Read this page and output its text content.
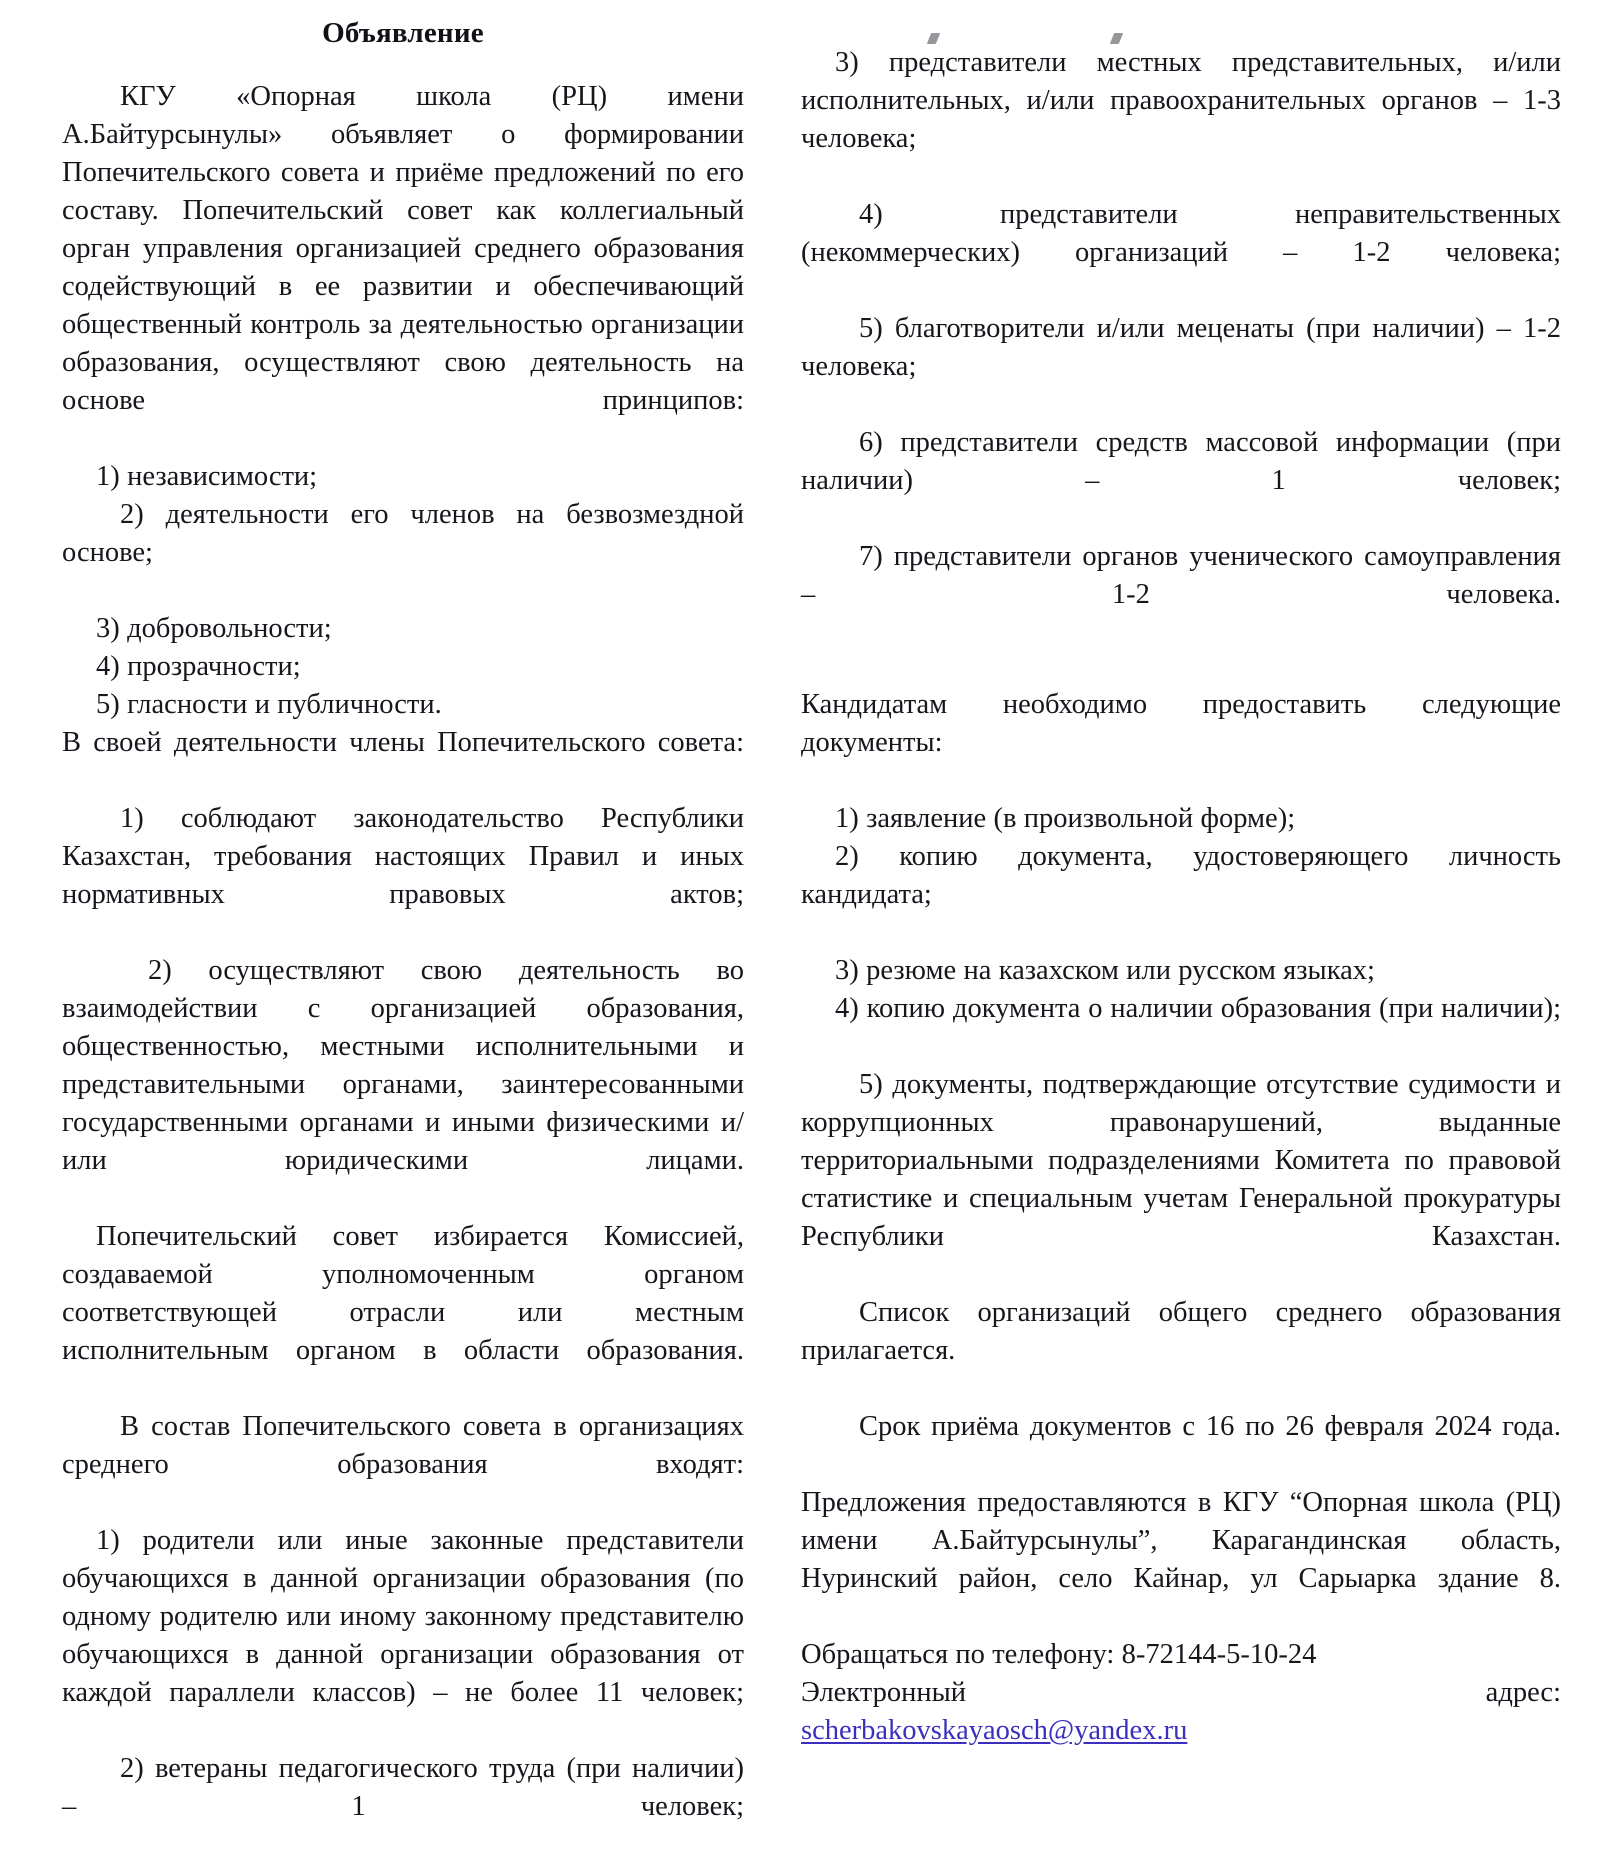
Объявление

КГУ «Опорная школа (РЦ) имени А.Байтурсынулы» объявляет о формировании Попечительского совета и приёме предложений по его составу. Попечительский совет как коллегиальный орган управления организацией среднего образования содействующий в ее развитии и обеспечивающий общественный контроль за деятельностью организации образования, осуществляют свою деятельность на основе принципов:

1) независимости;

2) деятельности его членов на безвозмездной основе;

3) добровольности;

4) прозрачности;

5) гласности и публичности.

В своей деятельности члены Попечительского совета:

1) соблюдают законодательство Республики Казахстан, требования настоящих Правил и иных нормативных правовых актов;

2) осуществляют свою деятельность во взаимодействии с организацией образования, общественностью, местными исполнительными и представительными органами, заинтересованными государственными органами и иными физическими и/или юридическими лицами.

Попечительский совет избирается Комиссией, создаваемой уполномоченным органом соответствующей отрасли или местным исполнительным органом в области образования.

В состав Попечительского совета в организациях среднего образования входят:

1) родители или иные законные представители обучающихся в данной организации образования (по одному родителю или иному законному представителю обучающихся в данной организации образования от каждой параллели классов) – не более 11 человек;

2) ветераны педагогического труда (при наличии) – 1 человек;

3) представители местных представительных, и/или исполнительных, и/или правоохранительных органов – 1-3 человека;

4) представители неправительственных (некоммерческих) организаций – 1-2 человека;

5) благотворители и/или меценаты (при наличии) – 1-2 человека;

6) представители средств массовой информации (при наличии) – 1 человек;

7) представители органов ученического самоуправления – 1-2 человека.

Кандидатам необходимо предоставить следующие документы:

1) заявление (в произвольной форме);

2) копию документа, удостоверяющего личность кандидата;

3) резюме на казахском или русском языках;

4) копию документа о наличии образования (при наличии);

5) документы, подтверждающие отсутствие судимости и коррупционных правонарушений, выданные территориальными подразделениями Комитета по правовой статистике и специальным учетам Генеральной прокуратуры Республики Казахстан.

Список организаций общего среднего образования прилагается.

Срок приёма документов с 16 по 26 февраля 2024 года.

Предложения предоставляются в КГУ “Опорная школа (РЦ) имени А.Байтурсынулы”, Карагандинская область, Нуринский район, село Кайнар, ул Сарыарка здание 8.

Обращаться по телефону: 8-72144-5-10-24

Электронный	адрес:

scherbakovskayaosch@yandex.ru
